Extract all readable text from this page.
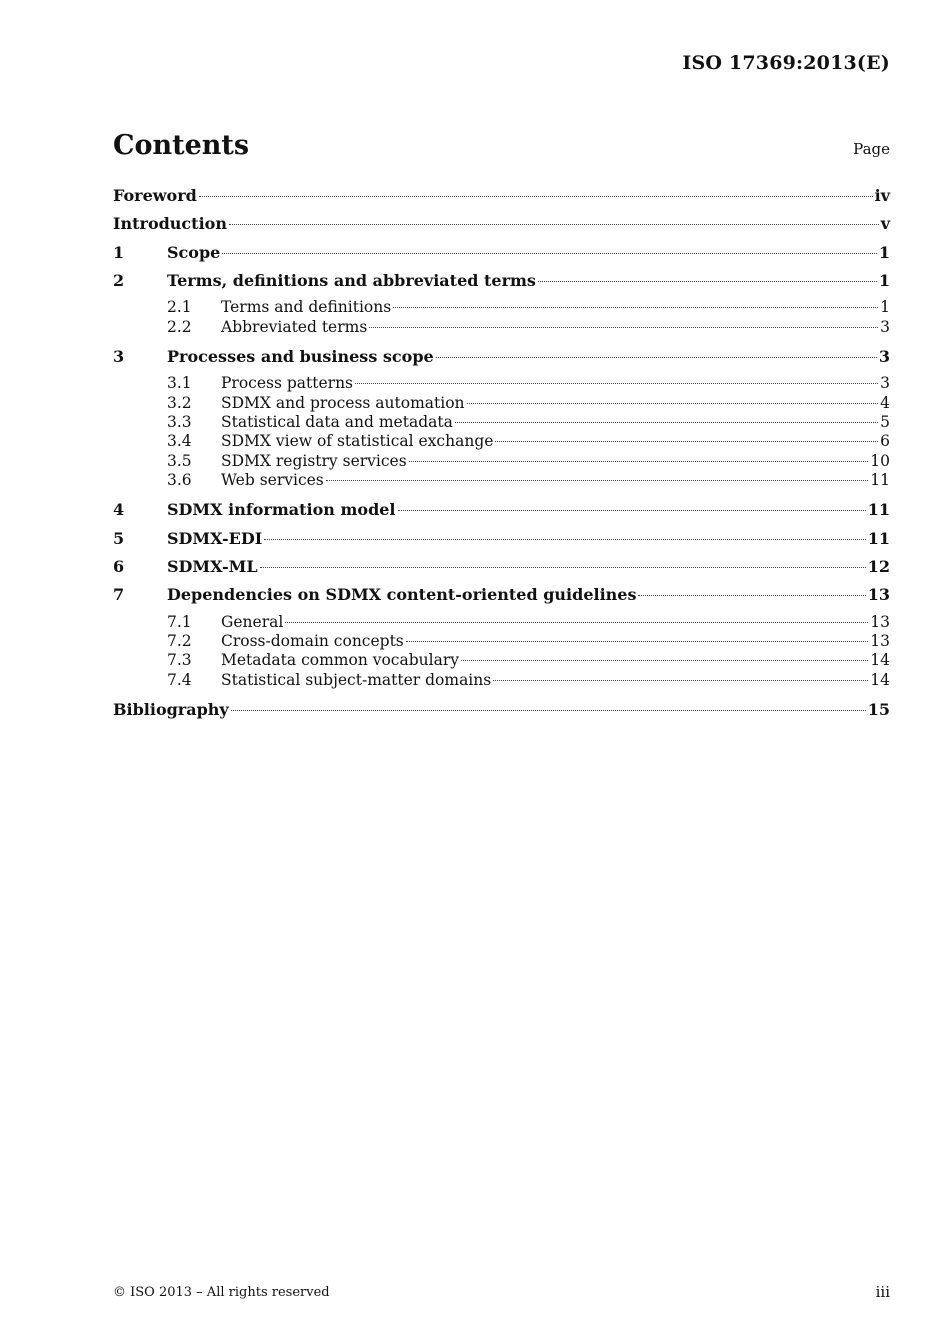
ISO 17369:2013(E)
Contents	Page
Foreword	iv
Introduction	v
1	Scope	1
2	Terms, definitions and abbreviated terms	1
2.1	Terms and definitions	1
2.2	Abbreviated terms	3
3	Processes and business scope	3
3.1	Process patterns	3
3.2	SDMX and process automation	4
3.3	Statistical data and metadata	5
3.4	SDMX view of statistical exchange	6
3.5	SDMX registry services	10
3.6	Web services	11
4	SDMX information model	11
5	SDMX-EDI	11
6	SDMX-ML	12
7	Dependencies on SDMX content-oriented guidelines	13
7.1	General	13
7.2	Cross-domain concepts	13
7.3	Metadata common vocabulary	14
7.4	Statistical subject-matter domains	14
Bibliography	15
© ISO 2013 – All rights reserved	iii
